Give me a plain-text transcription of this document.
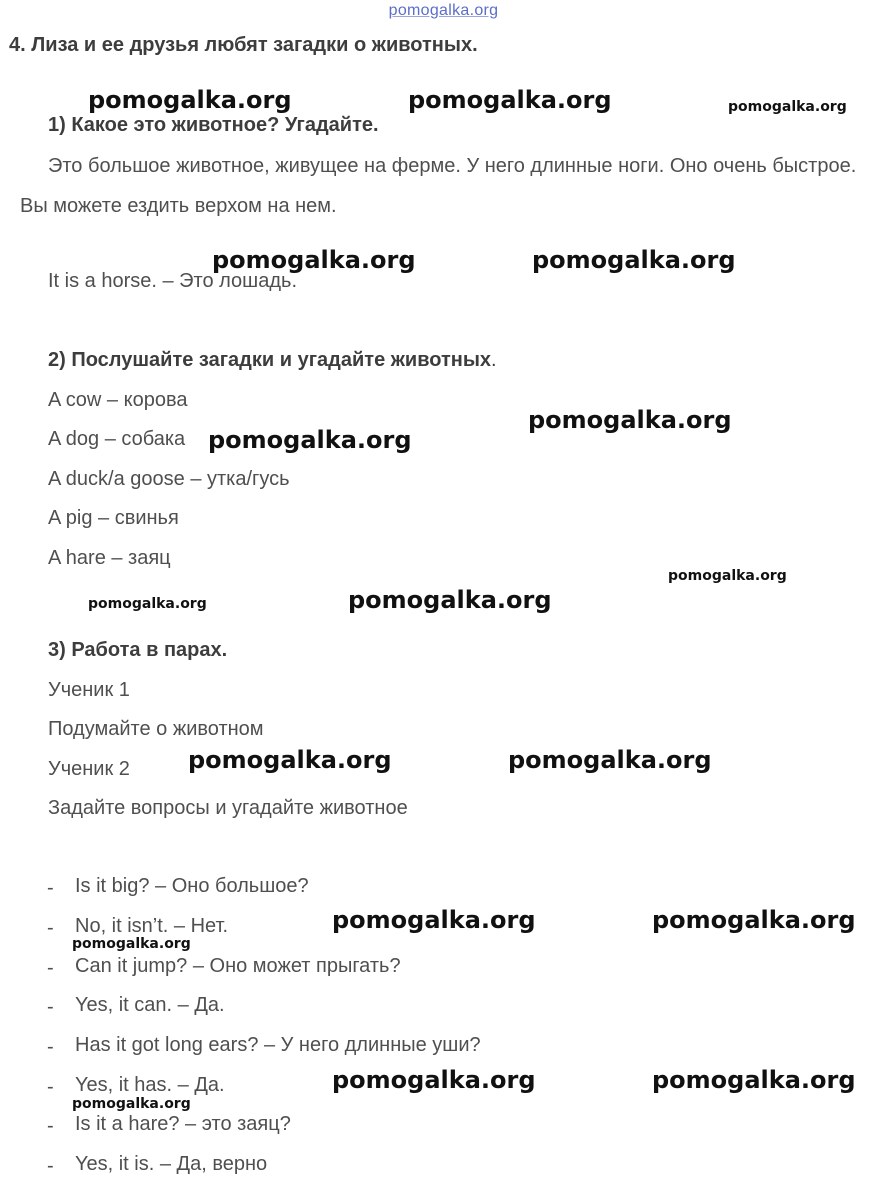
pomogalka.org
4. Лиза и ее друзья любят загадки о животных.
1) Какое это животное? Угадайте.
Это большое животное, живущее на ферме. У него длинные ноги. Оно очень быстрое. Вы можете ездить верхом на нем.
It is a horse. – Это лошадь.
2) Послушайте загадки и угадайте животных.
A cow – корова
A dog – собака
A duck/a goose – утка/гусь
A pig – свинья
A hare – заяц
3) Работа в парах.
Ученик 1
Подумайте о животном
Ученик 2
Задайте вопросы и угадайте животное
- Is it big? – Оно большое?
- No, it isn’t. – Нет.
- Can it jump? – Оно может прыгать?
- Yes, it can. – Да.
- Has it got long ears? – У него длинные уши?
- Yes, it has. – Да.
- Is it a hare? – это заяц?
- Yes, it is. – Да, верно
pomogalka.org	pomogalka.org	pomogalka.org
pomogalka.org	pomogalka.org
pomogalka.org
pomogalka.org
pomogalka.org
pomogalka.org
pomogalka.org
pomogalka.org	pomogalka.org
pomogalka.org	pomogalka.org
pomogalka.org
pomogalka.org	pomogalka.org
pomogalka.org
